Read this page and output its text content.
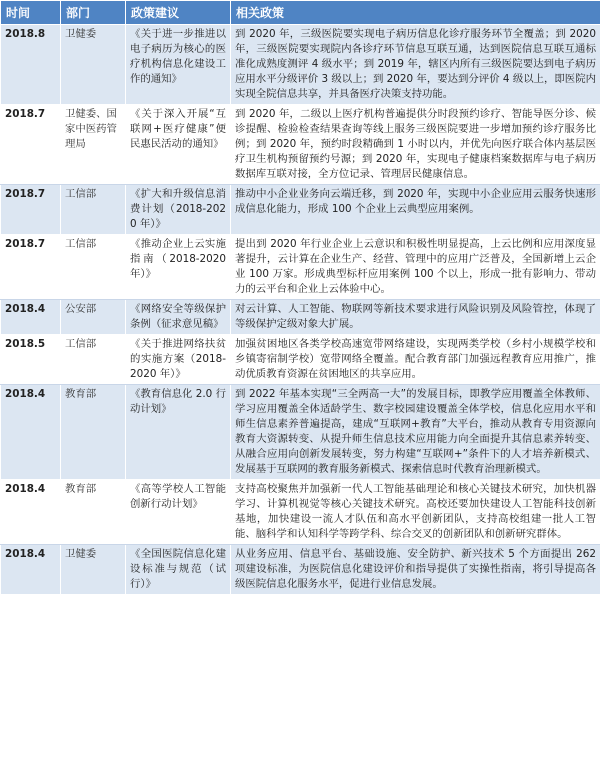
时间	部门	政策建议	相关政策
2018.8	卫健委	《关于进一步推进以电子病历为核心的医疗机构信息化建设工作的通知》	到 2020 年，三级医院要实现电子病历信息化诊疗服务环节全覆盖；到 2020 年，三级医院要实现院内各诊疗环节信息互联互通，达到医院信息互联互通标准化成熟度测评 4 级水平；到 2019 年，辖区内所有三级医院要达到电子病历应用水平分级评价 3 级以上；到 2020 年，要达到分评价 4 级以上，即医院内实现全院信息共享，并具备医疗决策支持功能。
2018.7	卫健委、国家中医药管理局	《关于深入开展“互联网+医疗健康”便民惠民活动的通知》	到 2020 年，二级以上医疗机构普遍提供分时段预约诊疗、智能导医分诊、候诊提醒、检验检查结果查询等线上服务三级医院要进一步增加预约诊疗服务比例；到 2020 年，预约时段精确到 1 小时以内，并优先向医疗联合体内基层医疗卫生机构预留预约号源；到 2020 年，实现电子健康档案数据库与电子病历数据库互联对接，全方位记录、管理居民健康信息。
2018.7	工信部	《扩大和升级信息消费计划（2018-2020 年）》	推动中小企业业务向云端迁移，到 2020 年，实现中小企业应用云服务快速形成信息化能力，形成 100 个企业上云典型应用案例。
2018.7	工信部	《推动企业上云实施指南（2018-2020 年）》	提出到 2020 年行业企业上云意识和积极性明显提高，上云比例和应用深度显著提升，云计算在企业生产、经营、管理中的应用广泛普及，全国新增上云企业 100 万家。形成典型标杆应用案例 100 个以上，形成一批有影响力、带动力的云平台和企业上云体验中心。
2018.4	公安部	《网络安全等级保护条例（征求意见稿》	对云计算、人工智能、物联网等新技术要求进行风险识别及风险管控，体现了等级保护定级对象大扩展。
2018.5	工信部	《关于推进网络扶贫的实施方案（2018-2020 年）》	加强贫困地区各类学校高速宽带网络建设，实现两类学校（乡村小规模学校和乡镇寄宿制学校）宽带网络全覆盖。配合教育部门加强远程教育应用推广，推动优质教育资源在贫困地区的共享应用。
2018.4	教育部	《教育信息化 2.0 行动计划》	到 2022 年基本实现“三全两高一大”的发展目标，即教学应用覆盖全体教师、学习应用覆盖全体适龄学生、数字校园建设覆盖全体学校，信息化应用水平和师生信息素养普遍提高，建成“互联网+教育”大平台，推动从教育专用资源向教育大资源转变、从提升师生信息技术应用能力向全面提升其信息素养转变、从融合应用向创新发展转变，努力构建“互联网+”条件下的人才培养新模式、发展基于互联网的教育服务新模式、探索信息时代教育治理新模式。
2018.4	教育部	《高等学校人工智能创新行动计划》	支持高校聚焦并加强新一代人工智能基础理论和核心关键技术研究，加快机器学习、计算机视觉等核心关键技术研究。高校还要加快建设人工智能科技创新基地，加快建设一流人才队伍和高水平创新团队，支持高校组建一批人工智能、脑科学和认知科学等跨学科、综合交叉的创新团队和创新研究群体。
2018.4	卫健委	《全国医院信息化建设标准与规范（试行）》	从业务应用、信息平台、基础设施、安全防护、新兴技术 5 个方面提出 262 项建设标准，为医院信息化建设评价和指导提供了实操性指南，将引导提高各级医院信息化服务水平，促进行业信息发展。
